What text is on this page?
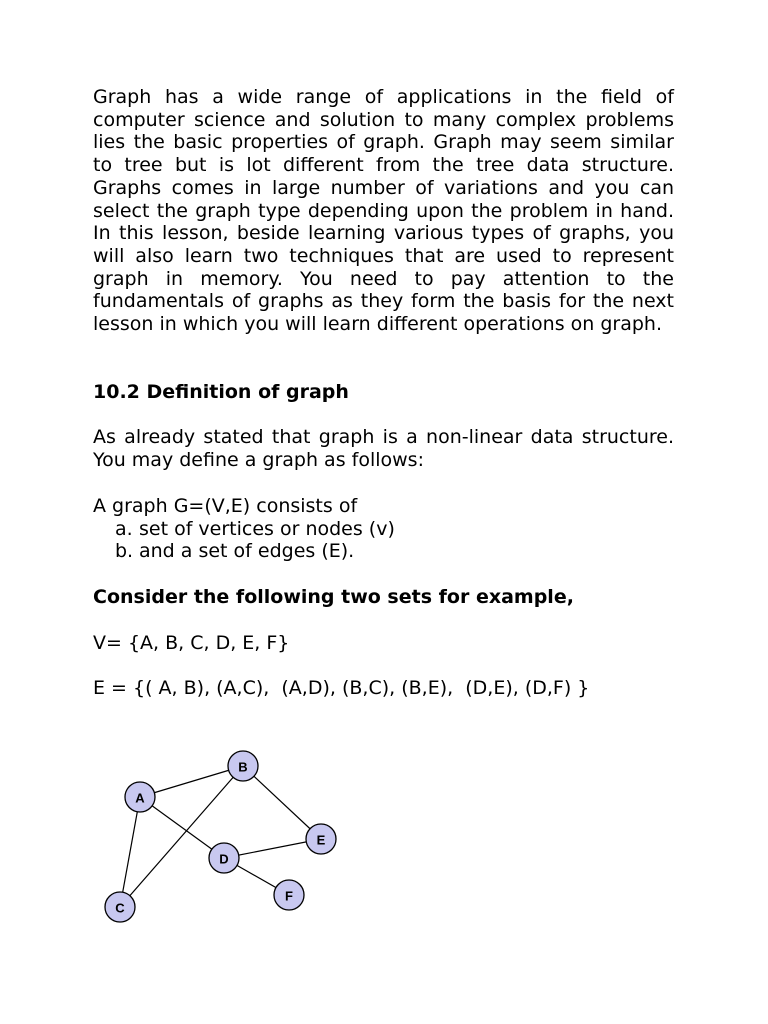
Graph has a wide range of applications in the field of computer science and solution to many complex problems lies the basic properties of graph. Graph may seem similar to tree but is lot different from the tree data structure. Graphs comes in large number of variations and you can select the graph type depending upon the problem in hand. In this lesson, beside learning various types of graphs, you will also learn two techniques that are used to represent graph in memory. You need to pay attention to the fundamentals of graphs as they form the basis for the next lesson in which you will learn different operations on graph.

10.2 Definition of graph

As already stated that graph is a non-linear data structure. You may define a graph as follows:

A graph G=(V,E) consists of

a. set of vertices or nodes (v)
b. and a set of edges (E).

Consider the following two sets for example,

V= {A, B, C, D, E, F}

E = {( A, B), (A,C),  (A,D), (B,C), (B,E),  (D,E), (D,F) }

A
B
C
D
E
F
